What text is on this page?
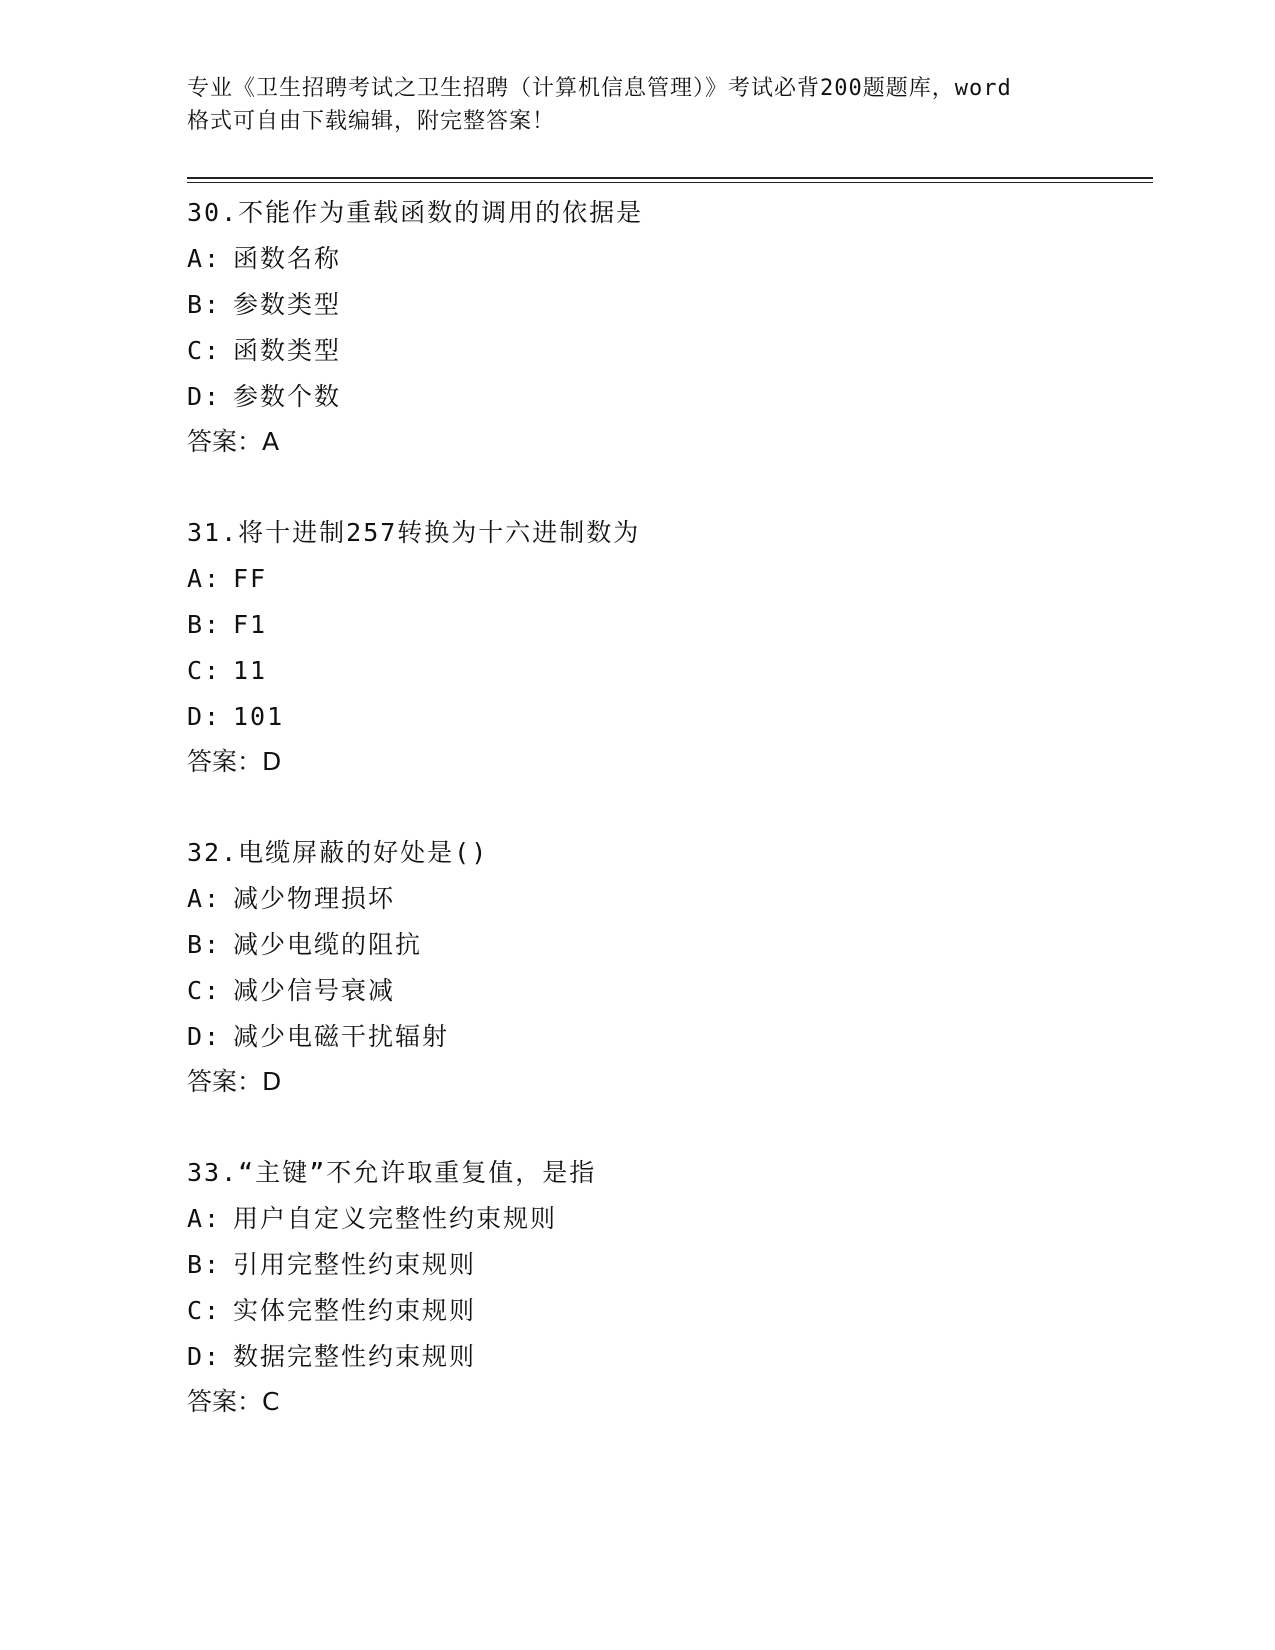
专业《卫生招聘考试之卫生招聘（计算机信息管理）》考试必背200题题库，word
格式可自由下载编辑，附完整答案！
30.不能作为重载函数的调用的依据是
A: 函数名称
B: 参数类型
C: 函数类型
D: 参数个数
答案：A
31.将十进制257转换为十六进制数为
A: FF
B: F1
C: 11
D: 101
答案：D
32.电缆屏蔽的好处是()
A: 减少物理损坏
B: 减少电缆的阻抗
C: 减少信号衰减
D: 减少电磁干扰辐射
答案：D
33.“主键”不允许取重复值，是指
A: 用户自定义完整性约束规则
B: 引用完整性约束规则
C: 实体完整性约束规则
D: 数据完整性约束规则
答案：C
